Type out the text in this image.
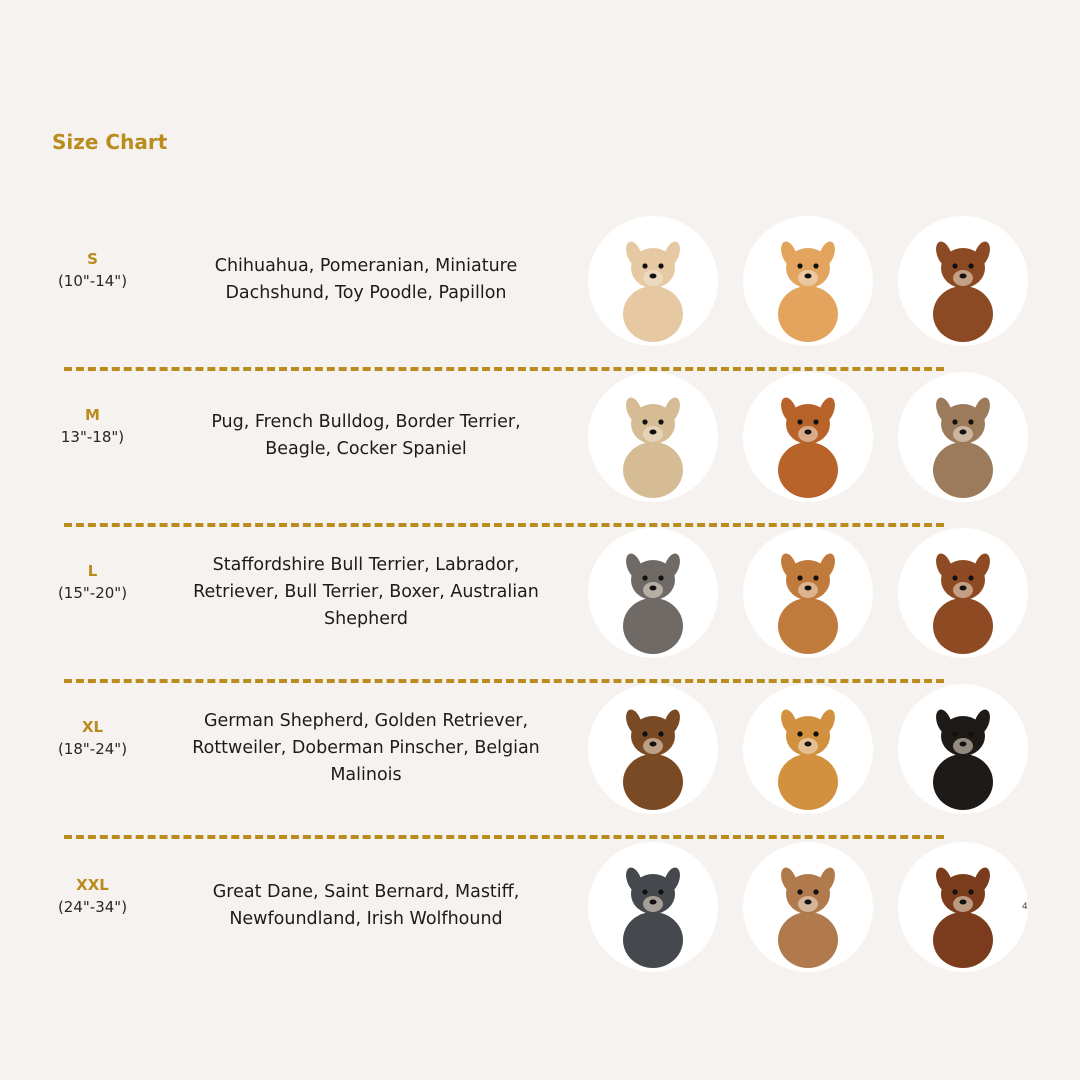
Size Chart
S
(10"-14")
Chihuahua, Pomeranian, Miniature Dachshund, Toy Poodle, Papillon
M
13"-18")
Pug, French Bulldog, Border Terrier, Beagle, Cocker Spaniel
L
(15"-20")
Staffordshire Bull Terrier, Labrador, Retriever, Bull Terrier, Boxer, Australian Shepherd
XL
(18"-24")
German Shepherd, Golden Retriever, Rottweiler, Doberman Pinscher, Belgian Malinois
XXL
(24"-34")
Great Dane, Saint Bernard, Mastiff, Newfoundland, Irish Wolfhound
4
